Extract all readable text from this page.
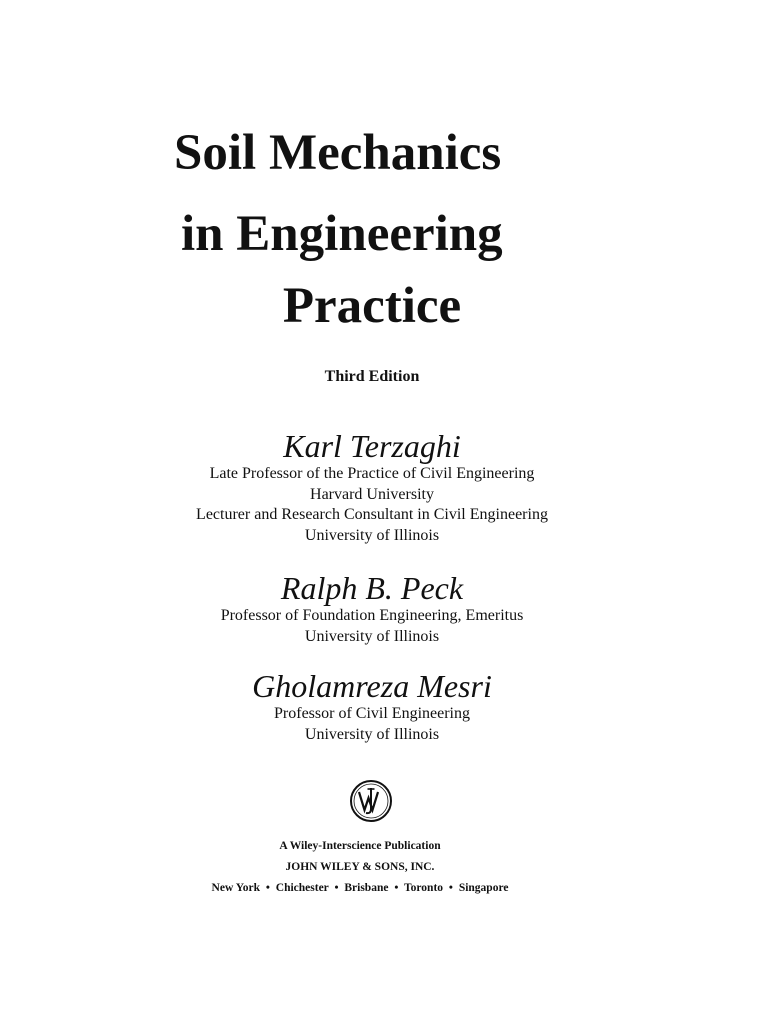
Soil Mechanics
in Engineering
Practice
Third Edition
Karl Terzaghi
Late Professor of the Practice of Civil Engineering
Harvard University
Lecturer and Research Consultant in Civil Engineering
University of Illinois
Ralph B. Peck
Professor of Foundation Engineering, Emeritus
University of Illinois
Gholamreza Mesri
Professor of Civil Engineering
University of Illinois
A Wiley-Interscience Publication
JOHN WILEY & SONS, INC.
New York • Chichester • Brisbane • Toronto • Singapore
